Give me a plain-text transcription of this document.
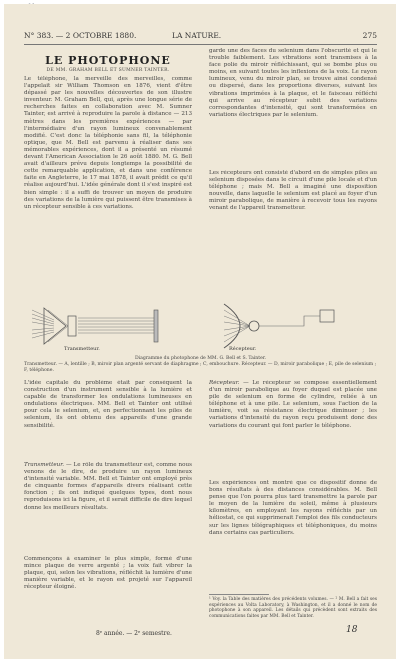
N° 383. — 2 OCTOBRE 1880.	LA NATURE.	275
LE PHOTOPHONE
DE MM. GRAHAM BELL ET SUMNER TAINTER.
Le téléphone, la merveille des merveilles, comme l'appelait sir William Thomson en 1876, vient d'être dépassé par les nouvelles découvertes de son illustre inventeur. M. Graham Bell, qui, après une longue série de recherches faites en collaboration avec M. Sumner Tainter, est arrivé à reproduire la parole à distance — 213 mètres dans les premières expériences — par l'intermédiaire d'un rayon lumineux convenablement modifié. C'est donc la téléphonie sans fil, la téléphonie optique, que M. Bell est parvenu à réaliser dans ses mémorables expériences, dont il a présenté un résumé devant l'American Association le 26 août 1880. M. G. Bell avait d'ailleurs prévu depuis longtemps la possibilité de cette remarquable application, et dans une conférence faite en Angleterre, le 17 mai 1878, il avait prédit ce qu'il réalise aujourd'hui. L'idée générale dont il s'est inspiré est bien simple : il a suffi de trouver un moyen de produire des variations de la lumière qui puissent être transmises à un récepteur sensible à ces variations.
garde une des faces du selenium dans l'obscurité et qui le trouble faiblement. Les vibrations sont transmises à la face polie du miroir réfléchissant, qui se bombe plus ou moins, en suivant toutes les inflexions de la voix. Le rayon lumineux, venu du miroir plan, se trouve ainsi condensé ou dispersé, dans les proportions diverses, suivant les vibrations imprimées à la plaque, et le faisceau réfléchi qui arrive au récepteur subit des variations correspondantes d'intensité, qui sont transformées en variations électriques par le selenium.
Les récepteurs ont consisté d'abord en de simples piles au selenium disposées dans le circuit d'une pile locale et d'un téléphone ; mais M. Bell a imaginé une disposition nouvelle, dans laquelle le selenium est placé au foyer d'un miroir parabolique, de manière à recevoir tous les rayons venant de l'appareil transmetteur.
Transmetteur.	Récepteur.
Diagramme du photophone de MM. G. Bell et S. Tainter.
Transmetteur. — A, lentille ; B, miroir plan argenté servant de diaphragme ; C, embouchure. Récepteur. — D, miroir parabolique ; E, pile de selenium ; F, téléphone.
L'idée capitale du problème était par conséquent la construction d'un instrument sensible à la lumière et capable de transformer les ondulations lumineuses en ondulations électriques. MM. Bell et Tainter ont utilisé pour cela le selenium, et, en perfectionnant les piles de selenium, ils ont obtenu des appareils d'une grande sensibilité.
Transmetteur. — Le rôle du transmetteur est, comme nous venons de le dire, de produire un rayon lumineux d'intensité variable. MM. Bell et Tainter ont employé près de cinquante formes d'appareils divers réalisant cette fonction ; ils ont indiqué quelques types, dont nous reproduisons ici la figure, et il serait difficile de dire lequel donne les meilleurs résultats.
Commençons à examiner le plus simple, formé d'une mince plaque de verre argenté ; la voix fait vibrer la plaque, qui, selon les vibrations, réfléchit la lumière d'une manière variable, et le rayon est projeté sur l'appareil récepteur éloigné.
Récepteur. — Le récepteur se compose essentiellement d'un miroir parabolique au foyer duquel est placée une pile de selenium en forme de cylindre, reliée à un téléphone et à une pile. Le selenium, sous l'action de la lumière, voit sa résistance électrique diminuer ; les variations d'intensité du rayon reçu produisent donc des variations du courant qui font parler le téléphone.
Les expériences ont montré que ce dispositif donne de bons résultats à des distances considérables. M. Bell pense que l'on pourra plus tard transmettre la parole par le moyen de la lumière du soleil, même à plusieurs kilomètres, en employant les rayons réfléchis par un héliostat, ce qui supprimerait l'emploi des fils conducteurs sur les lignes télégraphiques et téléphoniques, du moins dans certains cas particuliers.
¹ Voy. la Table des matières des précédents volumes. — ² M. Bell a fait ses expériences au Volta Laboratory, à Washington, et il a donné le nom de photophone à son appareil. Les détails qui précèdent sont extraits des communications faites par MM. Bell et Tainter.
8ᵉ année. — 2ᵉ semestre.	18
